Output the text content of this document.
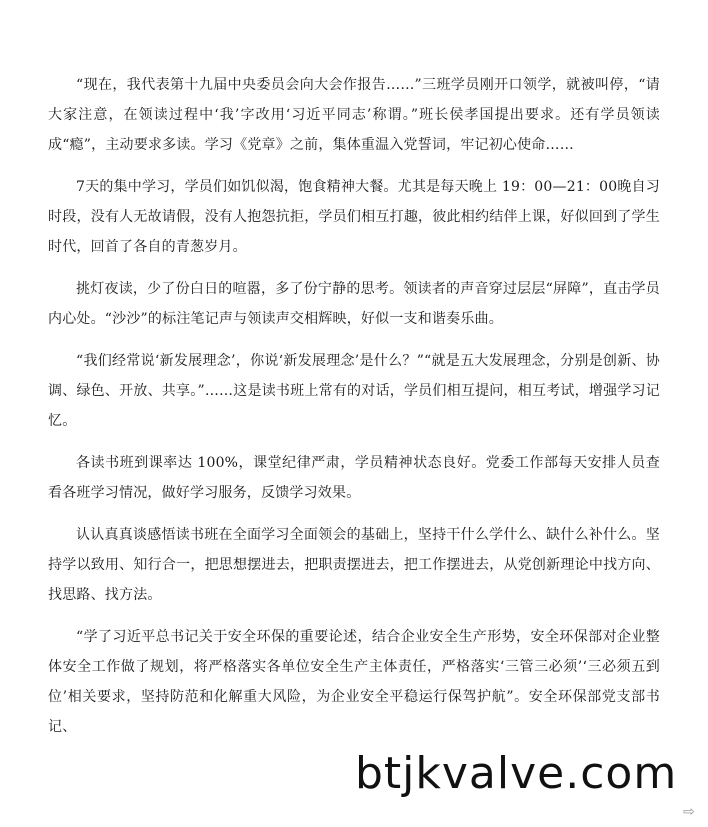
“现在，我代表第十九届中央委员会向大会作报告……”三班学员刚开口领学，就被叫停，“请大家注意，在领读过程中‘我’字改用‘习近平同志’称谓。”班长侯孝国提出要求。还有学员领读成“瘾”，主动要求多读。学习《党章》之前，集体重温入党誓词，牢记初心使命……

7天的集中学习，学员们如饥似渴，饱食精神大餐。尤其是每天晚上 19：00—21：00晚自习时段，没有人无故请假，没有人抱怨抗拒，学员们相互打趣，彼此相约结伴上课，好似回到了学生时代，回首了各自的青葱岁月。

挑灯夜读，少了份白日的喧嚣，多了份宁静的思考。领读者的声音穿过层层“屏障”，直击学员内心处。“沙沙”的标注笔记声与领读声交相辉映，好似一支和谐奏乐曲。

“我们经常说‘新发展理念’，你说‘新发展理念’是什么？”“就是五大发展理念，分别是创新、协调、绿色、开放、共享。”……这是读书班上常有的对话，学员们相互提问，相互考试，增强学习记忆。

各读书班到课率达 100%，课堂纪律严肃，学员精神状态良好。党委工作部每天安排人员查看各班学习情况，做好学习服务，反馈学习效果。

认认真真谈感悟读书班在全面学习全面领会的基础上，坚持干什么学什么、缺什么补什么。坚持学以致用、知行合一，把思想摆进去，把职责摆进去，把工作摆进去，从党创新理论中找方向、找思路、找方法。

“学了习近平总书记关于安全环保的重要论述，结合企业安全生产形势，安全环保部对企业整体安全工作做了规划，将严格落实各单位安全生产主体责任，严格落实‘三管三必须’‘三必须五到位’相关要求，坚持防范和化解重大风险，为企业安全平稳运行保驾护航”。安全环保部党支部书记、

btjkvalve.com
⇨
